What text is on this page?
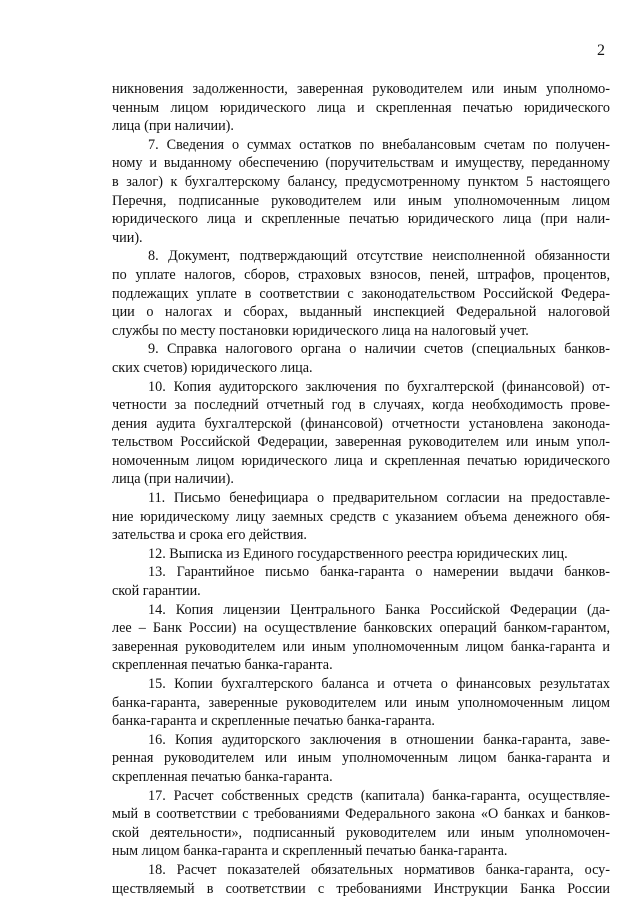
2
никновения задолженности, заверенная руководителем или иным уполномо-
ченным лицом юридического лица и скрепленная печатью юридического
лица (при наличии).
7. Сведения о суммах остатков по внебалансовым счетам по получен-
ному и выданному обеспечению (поручительствам и имуществу, переданному
в залог) к бухгалтерскому балансу, предусмотренному пунктом 5 настоящего
Перечня, подписанные руководителем или иным уполномоченным лицом
юридического лица и скрепленные печатью юридического лица (при нали-
чии).
8. Документ, подтверждающий отсутствие неисполненной обязанности
по уплате налогов, сборов, страховых взносов, пеней, штрафов, процентов,
подлежащих уплате в соответствии с законодательством Российской Федера-
ции о налогах и сборах, выданный инспекцией Федеральной налоговой
службы по месту постановки юридического лица на налоговый учет.
9. Справка налогового органа о наличии счетов (специальных банков-
ских счетов) юридического лица.
10. Копия аудиторского заключения по бухгалтерской (финансовой) от-
четности за последний отчетный год в случаях, когда необходимость прове-
дения аудита бухгалтерской (финансовой) отчетности установлена законода-
тельством Российской Федерации, заверенная руководителем или иным упол-
номоченным лицом юридического лица и скрепленная печатью юридического
лица (при наличии).
11. Письмо бенефициара о предварительном согласии на предоставле-
ние юридическому лицу заемных средств с указанием объема денежного обя-
зательства и срока его действия.
12. Выписка из Единого государственного реестра юридических лиц.
13. Гарантийное письмо банка-гаранта о намерении выдачи банков-
ской гарантии.
14. Копия лицензии Центрального Банка Российской Федерации (да-
лее – Банк России) на осуществление банковских операций банком-гарантом,
заверенная руководителем или иным уполномоченным лицом банка-гаранта и
скрепленная печатью банка-гаранта.
15. Копии бухгалтерского баланса и отчета о финансовых результатах
банка-гаранта, заверенные руководителем или иным уполномоченным лицом
банка-гаранта и скрепленные печатью банка-гаранта.
16. Копия аудиторского заключения в отношении банка-гаранта, заве-
ренная руководителем или иным уполномоченным лицом банка-гаранта и
скрепленная печатью банка-гаранта.
17. Расчет собственных средств (капитала) банка-гаранта, осуществляе-
мый в соответствии с требованиями Федерального закона «О банках и банков-
ской деятельности», подписанный руководителем или иным уполномочен-
ным лицом банка-гаранта и скрепленный печатью банка-гаранта.
18. Расчет показателей обязательных нормативов банка-гаранта, осу-
ществляемый в соответствии с требованиями Инструкции Банка России
